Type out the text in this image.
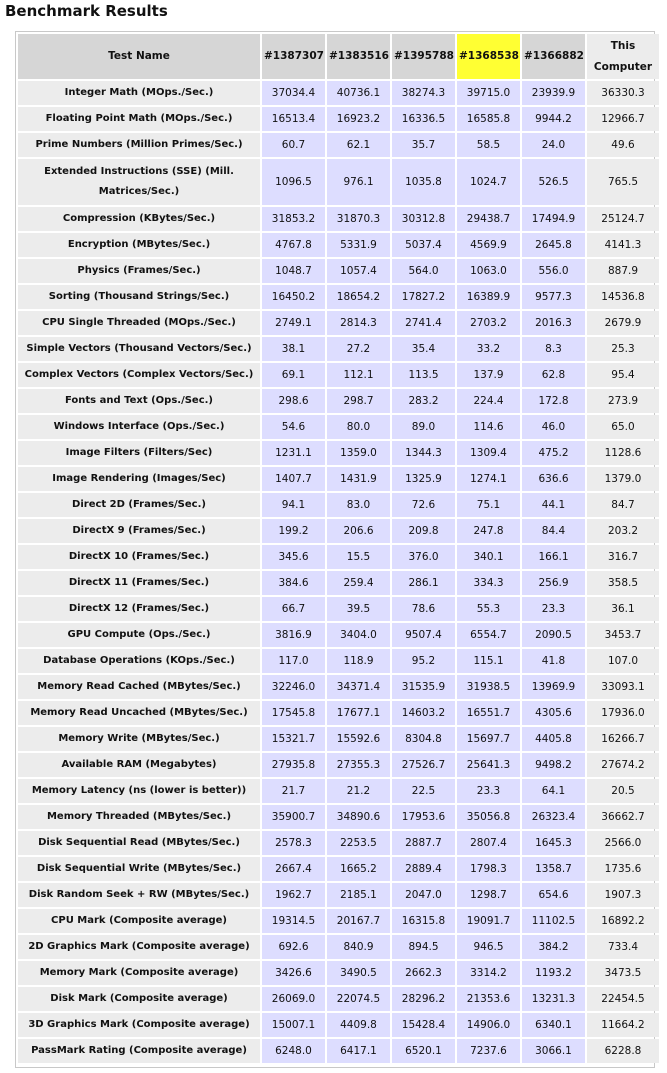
Benchmark Results
Test Name	#1387307	#1383516	#1395788	#1368538	#1366882	This Computer
Integer Math (MOps./Sec.)	37034.4	40736.1	38274.3	39715.0	23939.9	36330.3
Floating Point Math (MOps./Sec.)	16513.4	16923.2	16336.5	16585.8	9944.2	12966.7
Prime Numbers (Million Primes/Sec.)	60.7	62.1	35.7	58.5	24.0	49.6
Extended Instructions (SSE) (Mill. Matrices/Sec.)	1096.5	976.1	1035.8	1024.7	526.5	765.5
Compression (KBytes/Sec.)	31853.2	31870.3	30312.8	29438.7	17494.9	25124.7
Encryption (MBytes/Sec.)	4767.8	5331.9	5037.4	4569.9	2645.8	4141.3
Physics (Frames/Sec.)	1048.7	1057.4	564.0	1063.0	556.0	887.9
Sorting (Thousand Strings/Sec.)	16450.2	18654.2	17827.2	16389.9	9577.3	14536.8
CPU Single Threaded (MOps./Sec.)	2749.1	2814.3	2741.4	2703.2	2016.3	2679.9
Simple Vectors (Thousand Vectors/Sec.)	38.1	27.2	35.4	33.2	8.3	25.3
Complex Vectors (Complex Vectors/Sec.)	69.1	112.1	113.5	137.9	62.8	95.4
Fonts and Text (Ops./Sec.)	298.6	298.7	283.2	224.4	172.8	273.9
Windows Interface (Ops./Sec.)	54.6	80.0	89.0	114.6	46.0	65.0
Image Filters (Filters/Sec)	1231.1	1359.0	1344.3	1309.4	475.2	1128.6
Image Rendering (Images/Sec)	1407.7	1431.9	1325.9	1274.1	636.6	1379.0
Direct 2D (Frames/Sec.)	94.1	83.0	72.6	75.1	44.1	84.7
DirectX 9 (Frames/Sec.)	199.2	206.6	209.8	247.8	84.4	203.2
DirectX 10 (Frames/Sec.)	345.6	15.5	376.0	340.1	166.1	316.7
DirectX 11 (Frames/Sec.)	384.6	259.4	286.1	334.3	256.9	358.5
DirectX 12 (Frames/Sec.)	66.7	39.5	78.6	55.3	23.3	36.1
GPU Compute (Ops./Sec.)	3816.9	3404.0	9507.4	6554.7	2090.5	3453.7
Database Operations (KOps./Sec.)	117.0	118.9	95.2	115.1	41.8	107.0
Memory Read Cached (MBytes/Sec.)	32246.0	34371.4	31535.9	31938.5	13969.9	33093.1
Memory Read Uncached (MBytes/Sec.)	17545.8	17677.1	14603.2	16551.7	4305.6	17936.0
Memory Write (MBytes/Sec.)	15321.7	15592.6	8304.8	15697.7	4405.8	16266.7
Available RAM (Megabytes)	27935.8	27355.3	27526.7	25641.3	9498.2	27674.2
Memory Latency (ns (lower is better))	21.7	21.2	22.5	23.3	64.1	20.5
Memory Threaded (MBytes/Sec.)	35900.7	34890.6	17953.6	35056.8	26323.4	36662.7
Disk Sequential Read (MBytes/Sec.)	2578.3	2253.5	2887.7	2807.4	1645.3	2566.0
Disk Sequential Write (MBytes/Sec.)	2667.4	1665.2	2889.4	1798.3	1358.7	1735.6
Disk Random Seek + RW (MBytes/Sec.)	1962.7	2185.1	2047.0	1298.7	654.6	1907.3
CPU Mark (Composite average)	19314.5	20167.7	16315.8	19091.7	11102.5	16892.2
2D Graphics Mark (Composite average)	692.6	840.9	894.5	946.5	384.2	733.4
Memory Mark (Composite average)	3426.6	3490.5	2662.3	3314.2	1193.2	3473.5
Disk Mark (Composite average)	26069.0	22074.5	28296.2	21353.6	13231.3	22454.5
3D Graphics Mark (Composite average)	15007.1	4409.8	15428.4	14906.0	6340.1	11664.2
PassMark Rating (Composite average)	6248.0	6417.1	6520.1	7237.6	3066.1	6228.8
